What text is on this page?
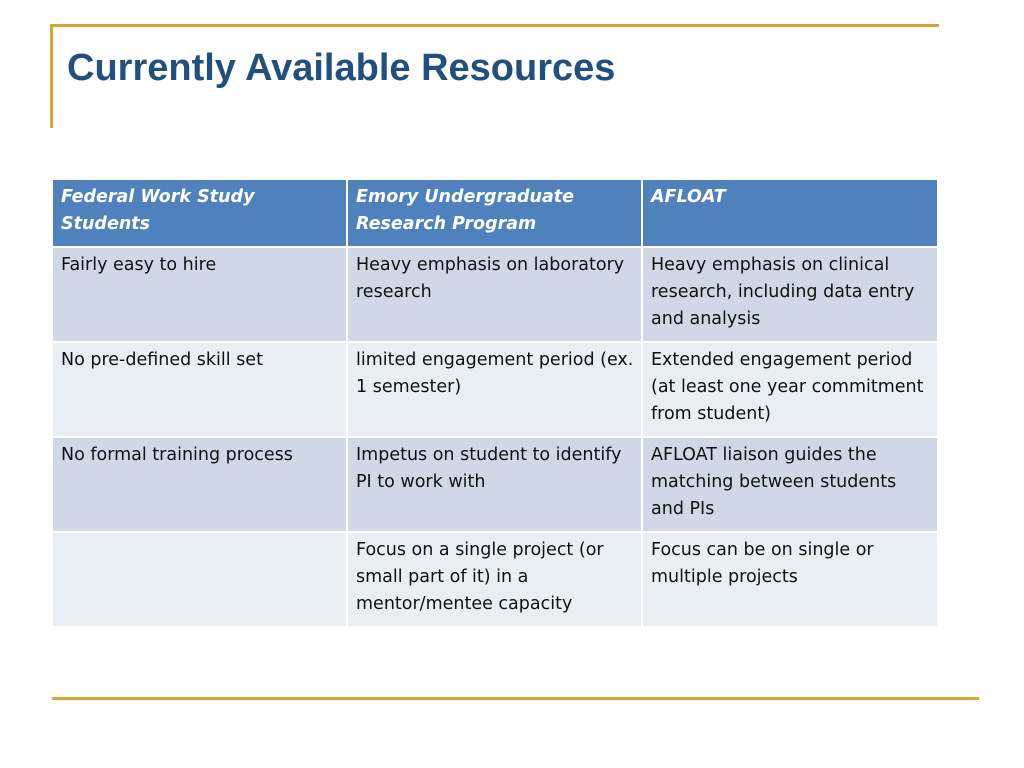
Currently Available Resources
Federal Work Study Students	Emory Undergraduate Research Program	AFLOAT
Fairly easy to hire	Heavy emphasis on laboratory research	Heavy emphasis on clinical research, including data entry and analysis
No pre-defined skill set	limited engagement period (ex. 1 semester)	Extended engagement period (at least one year commitment from student)
No formal training process	Impetus on student to identify PI to work with	AFLOAT liaison guides the matching between students and PIs
	Focus on a single project (or small part of it) in a mentor/mentee capacity	Focus can be on single or multiple projects
